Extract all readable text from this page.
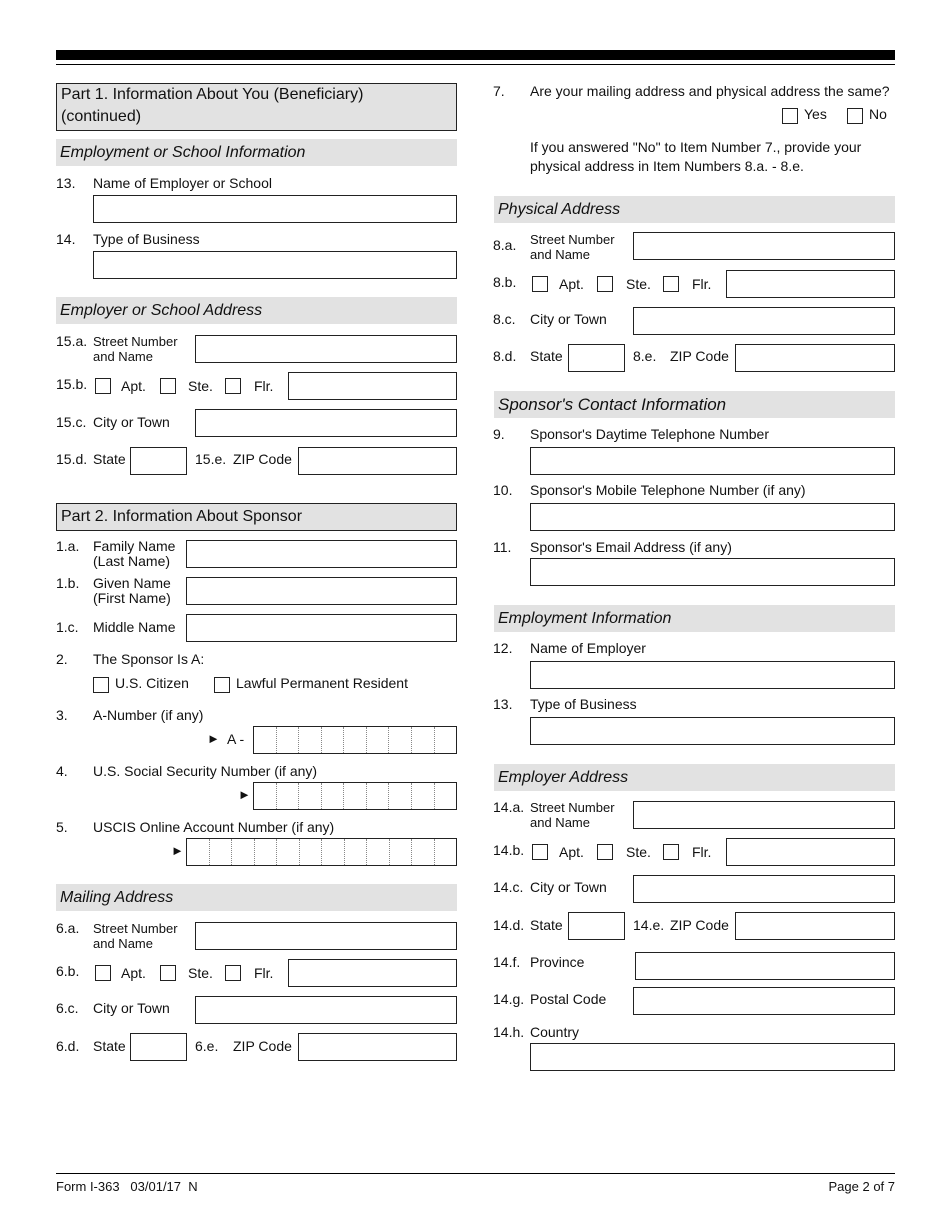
Part 1. Information About You (Beneficiary)
(continued)
Employment or School Information
13. Name of Employer or School
14. Type of Business
Employer or School Address
15.a. Street Number
and Name
15.b. Apt.	Ste.	Flr.
15.c. City or Town
15.d. State	15.e. ZIP Code
Part 2. Information About Sponsor
1.a. Family Name
(Last Name)
1.b. Given Name
(First Name)
1.c. Middle Name
2. The Sponsor Is A:
U.S. Citizen	Lawful Permanent Resident
3. A-Number (if any)
► A -
4. U.S. Social Security Number (if any)
►
5. USCIS Online Account Number (if any)
►
Mailing Address
6.a. Street Number
and Name
6.b.	Apt.	Ste.	Flr.
6.c. City or Town
6.d. State	6.e. ZIP Code
7. Are your mailing address and physical address the same?
Yes	No
If you answered "No" to Item Number 7., provide your
physical address in Item Numbers 8.a. - 8.e.
Physical Address
8.a. Street Number
and Name
8.b.	Apt.	Ste.	Flr.
8.c. City or Town
8.d. State	8.e. ZIP Code
Sponsor's Contact Information
9. Sponsor's Daytime Telephone Number
10. Sponsor's Mobile Telephone Number (if any)
11. Sponsor's Email Address (if any)
Employment Information
12. Name of Employer
13. Type of Business
Employer Address
14.a. Street Number
and Name
14.b. Apt.	Ste.	Flr.
14.c. City or Town
14.d. State	14.e. ZIP Code
14.f. Province
14.g. Postal Code
14.h. Country
Form I-363   03/01/17  N	Page 2 of 7
